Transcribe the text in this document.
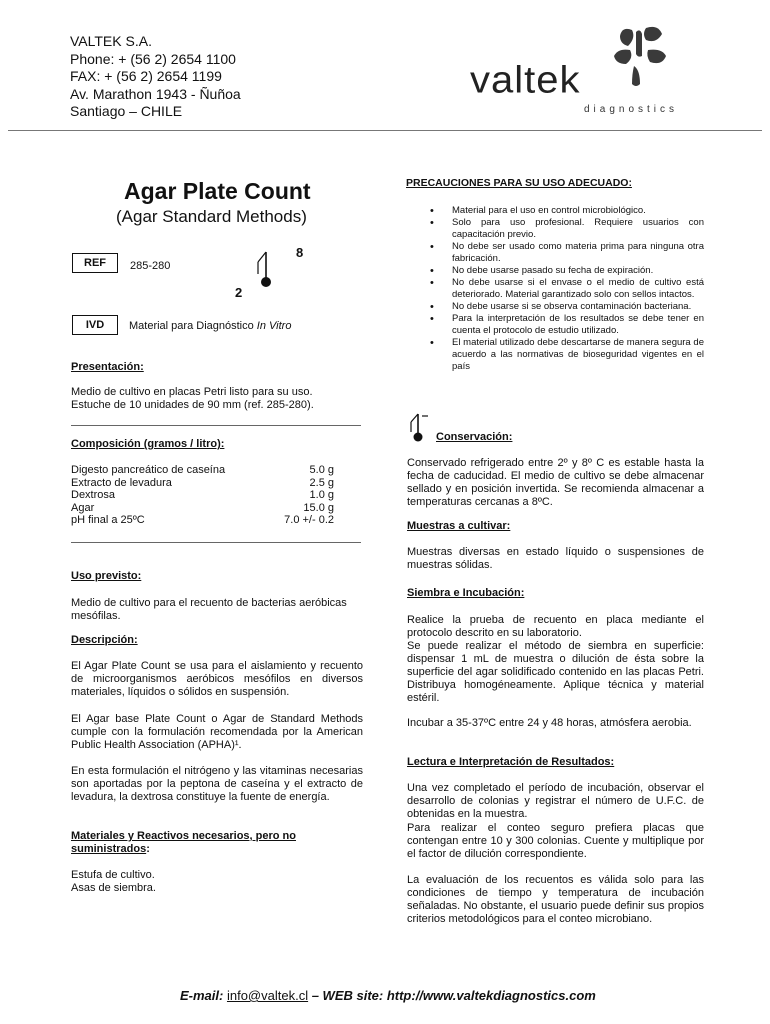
VALTEK S.A.
Phone: + (56 2) 2654 1100
FAX: + (56 2) 2654 1199
Av. Marathon 1943 - Ñuñoa
Santiago – CHILE
valtek
diagnostics
Agar Plate Count
(Agar Standard Methods)
REF	285-280
8
2
IVD	Material para Diagnóstico In Vitro
Presentación:
Medio de cultivo en placas Petri listo para su uso.
Estuche de 10 unidades de 90 mm (ref. 285-280).
Composición (gramos / litro):
Digesto pancreático de caseína	5.0 g
Extracto de levadura	2.5 g
Dextrosa	1.0 g
Agar	15.0 g
pH final a 25ºC	7.0 +/- 0.2
Uso previsto:
Medio de cultivo para el recuento de bacterias aeróbicas mesófilas.
Descripción:
El Agar Plate Count se usa para el aislamiento y recuento de microorganismos aeróbicos mesófilos en diversos materiales, líquidos o sólidos en suspensión.
El Agar base Plate Count o Agar de Standard Methods cumple con la formulación recomendada por la American Public Health Association (APHA)¹.
En esta formulación el nitrógeno y las vitaminas necesarias son aportadas por la peptona de caseína y el extracto de levadura, la dextrosa constituye la fuente de energía.
Materiales y Reactivos necesarios, pero no
suministrados:
Estufa de cultivo.
Asas de siembra.
PRECAUCIONES PARA SU USO ADECUADO:
• Material para el uso en control microbiológico.
• Solo para uso profesional. Requiere usuarios con capacitación previo.
• No debe ser usado como materia prima para ninguna otra fabricación.
• No debe usarse pasado su fecha de expiración.
• No debe usarse si el envase o el medio de cultivo está deteriorado. Material garantizado solo con sellos intactos.
• No debe usarse si se observa contaminación bacteriana.
• Para la interpretación de los resultados se debe tener en cuenta el protocolo de estudio utilizado.
• El material utilizado debe descartarse de manera segura de acuerdo a las normativas de bioseguridad vigentes en el país
Conservación:
Conservado refrigerado entre 2º y 8º C es estable hasta la fecha de caducidad. El medio de cultivo se debe almacenar sellado y en posición invertida. Se recomienda almacenar a temperaturas cercanas a 8ºC.
Muestras a cultivar:
Muestras diversas en estado líquido o suspensiones de muestras sólidas.
Siembra e Incubación:
Realice la prueba de recuento en placa mediante el protocolo descrito en su laboratorio.
Se puede realizar el método de siembra en superficie: dispensar 1 mL de muestra o dilución de ésta sobre la superficie del agar solidificado contenido en las placas Petri. Distribuya homogéneamente. Aplique técnica y material estéril.
Incubar a 35-37ºC entre 24 y 48 horas, atmósfera aerobia.
Lectura e Interpretación de Resultados:
Una vez completado el período de incubación, observar el desarrollo de colonias y registrar el número de U.F.C. de obtenidas en la muestra.
Para realizar el conteo seguro prefiera placas que contengan entre 10 y 300 colonias. Cuente y multiplique por el factor de dilución correspondiente.
La evaluación de los recuentos es válida solo para las condiciones de tiempo y temperatura de incubación señaladas. No obstante, el usuario puede definir sus propios criterios metodológicos para el conteo microbiano.
E-mail: info@valtek.cl – WEB site: http://www.valtekdiagnostics.com
